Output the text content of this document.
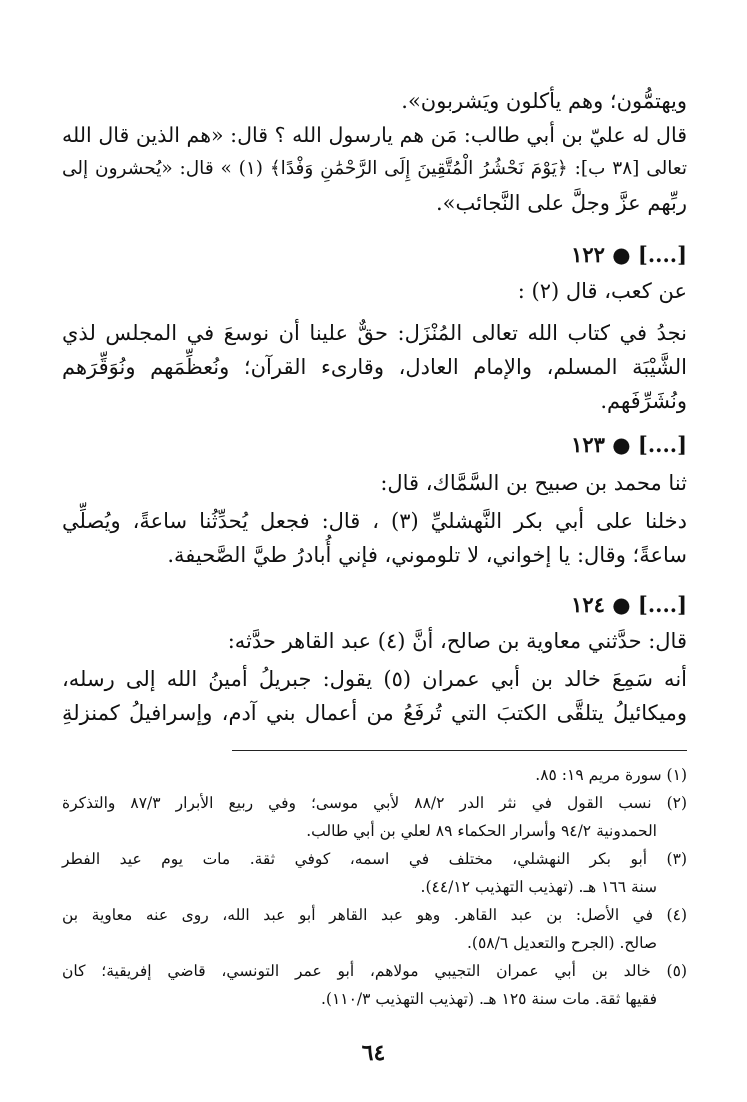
ويهتمُّون؛ وهم يأكلون ويَشربون».
قال له عليّ بن أبي طالب: مَن هم يارسول الله ؟ قال: «هم الذين قال الله
تعالى [٣٨ ب]: ﴿يَوْمَ نَحْشُرُ الْمُتَّقِينَ إِلَى الرَّحْمَٰنِ وَفْدًا﴾ (١) » قال: «يُحشرون إلى
ربِّهم عزَّ وجلَّ على النَّجائب».
[....] ● ١٢٢
عن كعب، قال (٢) :
نجدُ في كتاب الله تعالى المُنْزَل: حقٌّ علينا أن نوسعَ في المجلس لذي
الشَّيْبَة المسلم، والإمام العادل، وقارىء القرآن؛ ونُعظِّمَهم ونُوَقِّرَهم
ونُشَرِّفَهم.
[....] ● ١٢٣
ثنا محمد بن صبيح بن السَّمَّاك، قال:
دخلنا على أبي بكر النَّهشليِّ (٣) ، قال: فجعل يُحدِّثُنا ساعةً، ويُصلِّي
ساعةً؛ وقال: يا إخواني، لا تلوموني، فإني أُبادرُ طيَّ الصَّحيفة.
[....] ● ١٢٤
قال: حدَّثني معاوية بن صالح، أنَّ (٤) عبد القاهر حدَّثه:
أنه سَمِعَ خالد بن أبي عمران (٥) يقول: جبريلُ أمينُ الله إلى رسله،
وميكائيلُ يتلقَّى الكتبَ التي تُرفَعُ من أعمال بني آدم، وإسرافيلُ كمنزلةِ
(١) سورة مريم ١٩: ٨٥.
(٢) نسب القول في نثر الدر ٨٨/٢ لأبي موسى؛ وفي ربيع الأبرار ٨٧/٣ والتذكرة
الحمدونية ٩٤/٢ وأسرار الحكماء ٨٩ لعلي بن أبي طالب.
(٣) أبو بكر النهشلي، مختلف في اسمه، كوفي ثقة. مات يوم عيد الفطر
سنة ١٦٦ هـ. (تهذيب التهذيب ٤٤/١٢).
(٤) في الأصل: بن عبد القاهر. وهو عبد القاهر أبو عبد الله، روى عنه معاوية بن
صالح. (الجرح والتعديل ٥٨/٦).
(٥) خالد بن أبي عمران التجيبي مولاهم، أبو عمر التونسي، قاضي إفريقية؛ كان
فقيها ثقة. مات سنة ١٢٥ هـ. (تهذيب التهذيب ١١٠/٣).
٦٤
